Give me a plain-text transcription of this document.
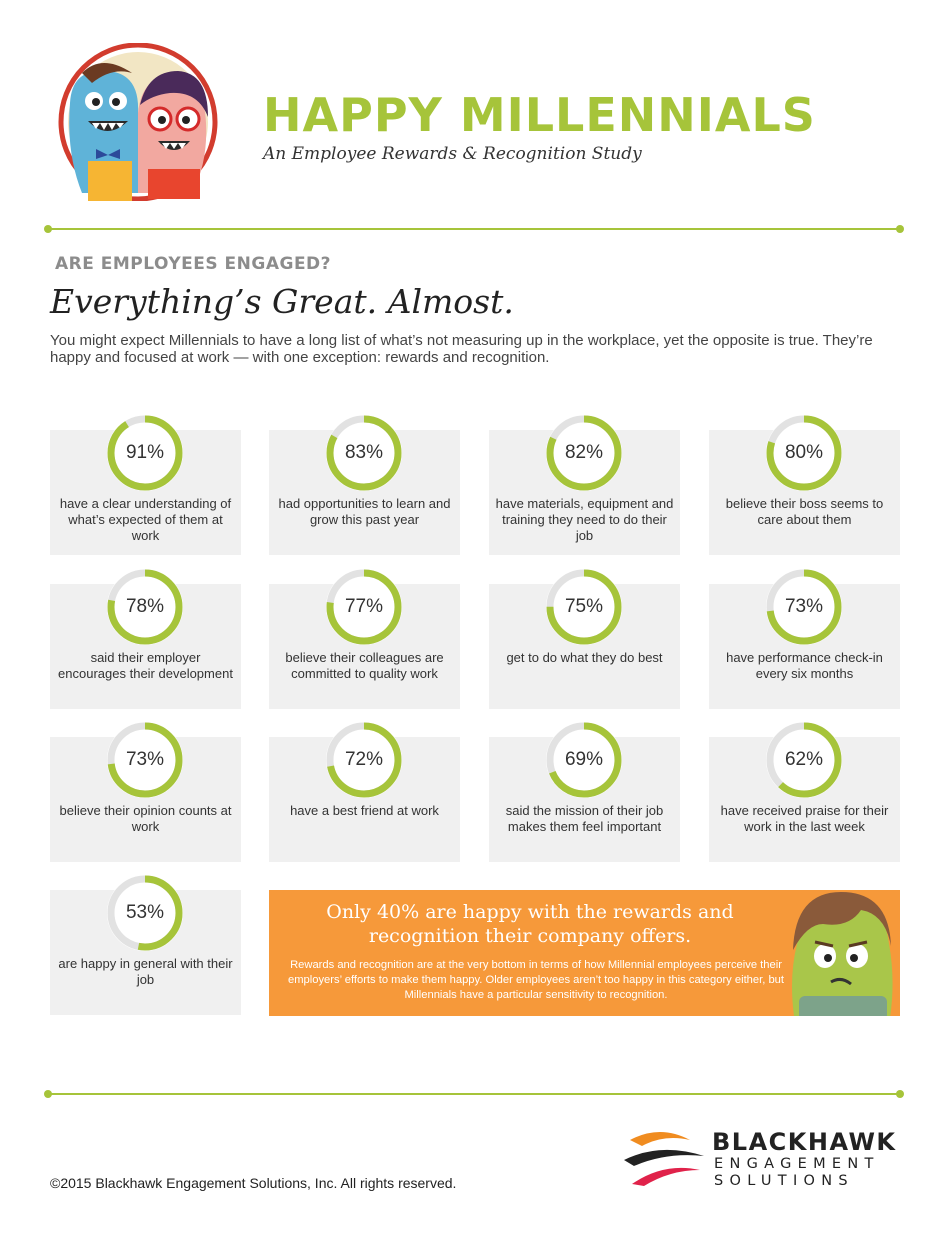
HAPPY MILLENNIALS
An Employee Rewards & Recognition Study
ARE EMPLOYEES ENGAGED?
Everything’s Great. Almost.
You might expect Millennials to have a long list of what’s not measuring up in the workplace, yet the opposite is true. They’re happy and focused at work — with one exception: rewards and recognition.
91%
have a clear understanding of what’s expected of them at work
83%
had opportunities to learn and grow this past year
82%
have materials, equipment and training they need to do their job
80%
believe their boss seems to care about them
78%
said their employer encourages their development
77%
believe their colleagues are committed to quality work
75%
get to do what they do best
73%
have performance check-in every six months
73%
believe their opinion counts at work
72%
have a best friend at work
69%
said the mission of their job makes them feel important
62%
have received praise for their work in the last week
53%
are happy in general with their job
Only 40% are happy with the rewards and recognition their company offers.
Rewards and recognition are at the very bottom in terms of how Millennial employees perceive their employers’ efforts to make them happy. Older employees aren’t too happy in this category either, but Millennials have a particular sensitivity to recognition.
BLACKHAWK
ENGAGEMENT
SOLUTIONS
©2015 Blackhawk Engagement Solutions, Inc. All rights reserved.
